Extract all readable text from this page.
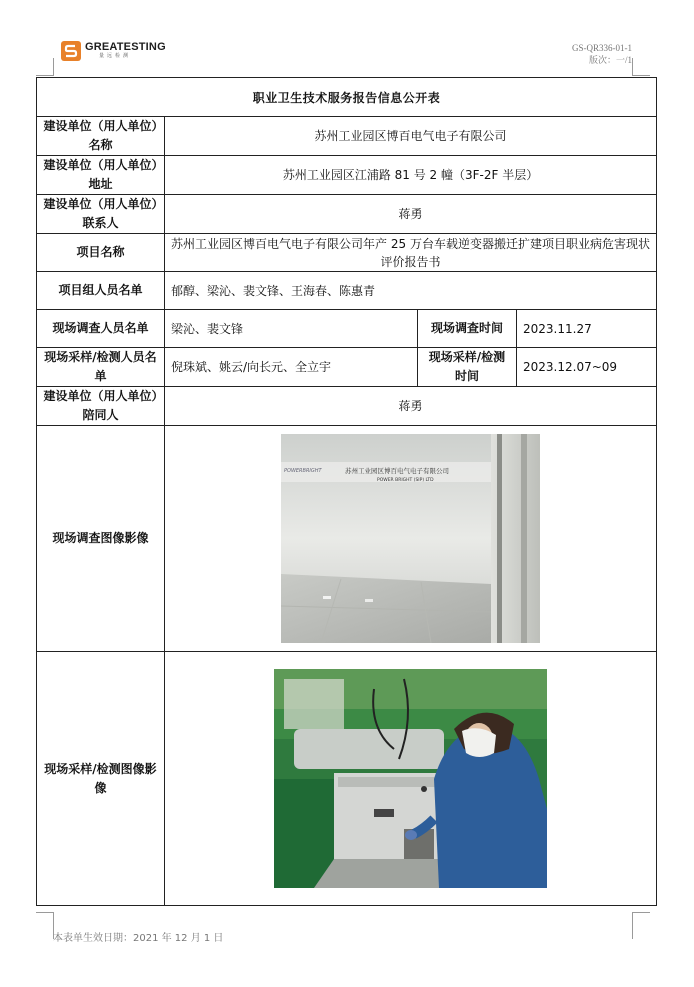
GREATESTING
量远检测
GS-QR336-01-1
版次：一/1
职业卫生技术服务报告信息公开表			
建设单位（用人单位）名称	苏州工业园区博百电气电子有限公司		
建设单位（用人单位）地址	苏州工业园区江浦路 81 号 2 幢（3F-2F 半层）		
建设单位（用人单位）联系人	蒋勇		
项目名称	苏州工业园区博百电气电子有限公司年产 25 万台车载逆变器搬迁扩建项目职业病危害现状评价报告书		
项目组人员名单	郁醇、梁沁、裴文锋、王海春、陈惠青		
现场调查人员名单	梁沁、裴文锋	现场调查时间	2023.11.27
现场采样/检测人员名单	倪珠斌、姚云/向长元、全立宇	现场采样/检测时间	2023.12.07~09
建设单位（用人单位）陪同人	蒋勇		
现场调查图像影像	POWERBRIGHT 苏州工业园区博百电气电子有限公司
POWER BRIGHT (SIP) LTD		

现场采样/检测图像影像	
本表单生效日期：2021 年 12 月 1 日
